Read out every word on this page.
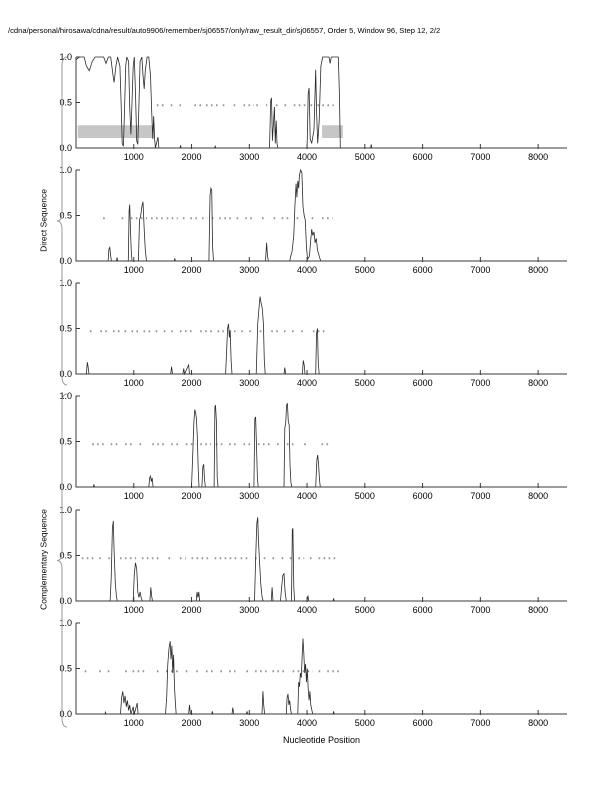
/cdna/personal/hirosawa/cdna/result/auto9906/remember/sj06557/only/raw_result_dir/sj06557, Order 5, Window 96, Step 12, 2/2
Direct Sequence
Complementary Sequence
0.0
0.5
1.0
1000	2000	3000	4000	5000	6000	7000	8000
0.0
0.5
1.0
1000	2000	3000	4000	5000	6000	7000	8000
0.0
0.5
1.0
1000	2000	3000	4000	5000	6000	7000	8000
0.0
0.5
1.0
1000	2000	3000	4000	5000	6000	7000	8000
0.0
0.5
1.0
1000	2000	3000	4000	5000	6000	7000	8000
0.0
0.5
1.0
1000	2000	3000	4000	5000	6000	7000	8000
Nucleotide Position
